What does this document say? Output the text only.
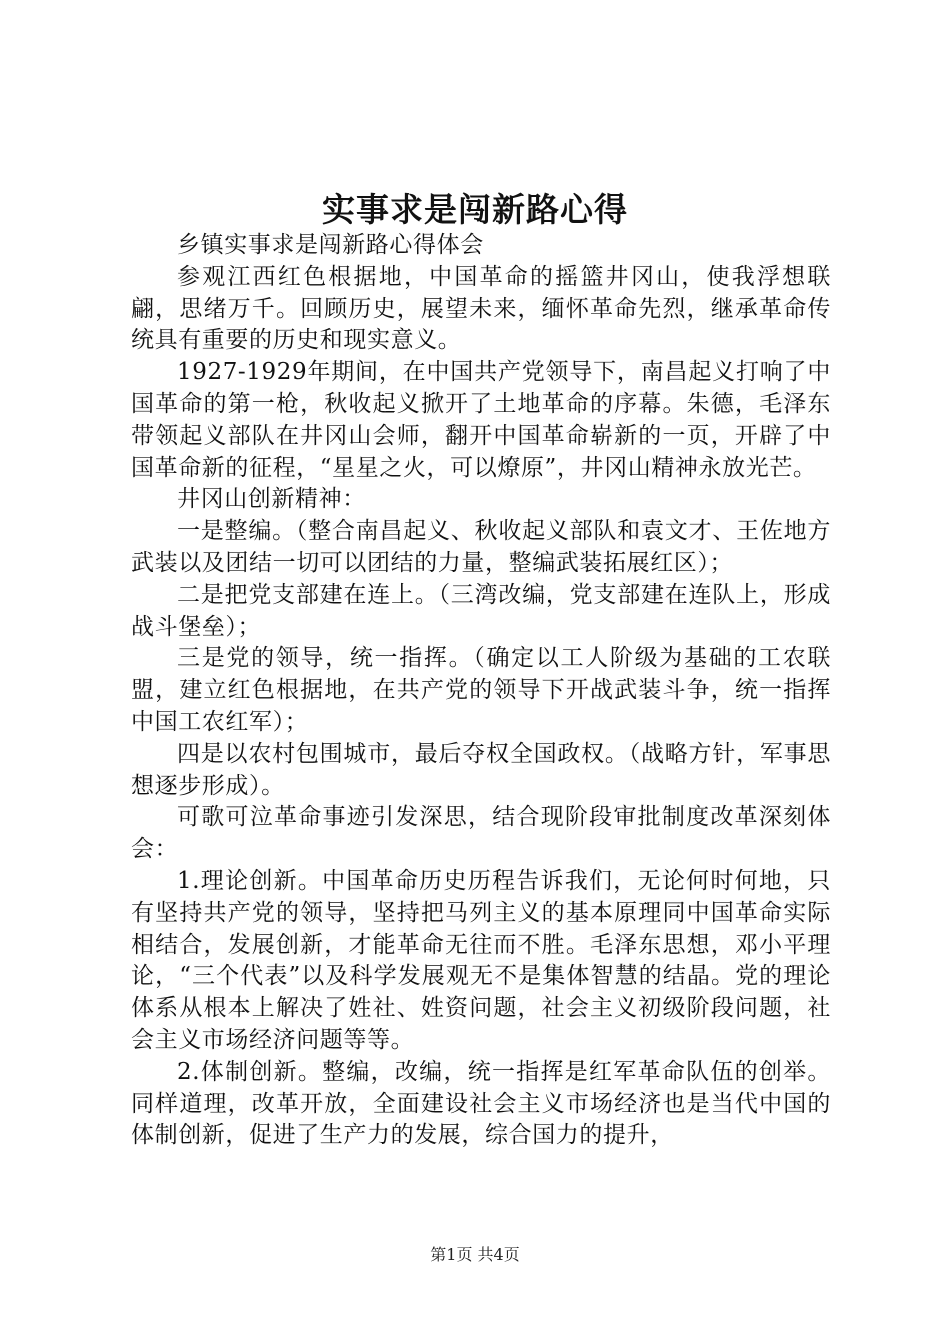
实事求是闯新路心得

乡镇实事求是闯新路心得体会

参观江西红色根据地，中国革命的摇篮井冈山，使我浮想联翩，思绪万千。回顾历史，展望未来，缅怀革命先烈，继承革命传统具有重要的历史和现实意义。

1927-1929年期间，在中国共产党领导下，南昌起义打响了中国革命的第一枪，秋收起义掀开了土地革命的序幕。朱德，毛泽东带领起义部队在井冈山会师，翻开中国革命崭新的一页，开辟了中国革命新的征程，“星星之火，可以燎原”，井冈山精神永放光芒。

井冈山创新精神：

一是整编。（整合南昌起义、秋收起义部队和袁文才、王佐地方武装以及团结一切可以团结的力量，整编武装拓展红区）；

二是把党支部建在连上。（三湾改编，党支部建在连队上，形成战斗堡垒）；

三是党的领导，统一指挥。（确定以工人阶级为基础的工农联盟，建立红色根据地，在共产党的领导下开战武装斗争，统一指挥中国工农红军）；

四是以农村包围城市，最后夺权全国政权。（战略方针，军事思想逐步形成）。

可歌可泣革命事迹引发深思，结合现阶段审批制度改革深刻体会：

1.理论创新。中国革命历史历程告诉我们，无论何时何地，只有坚持共产党的领导，坚持把马列主义的基本原理同中国革命实际相结合，发展创新，才能革命无往而不胜。毛泽东思想，邓小平理论，“三个代表”以及科学发展观无不是集体智慧的结晶。党的理论体系从根本上解决了姓社、姓资问题，社会主义初级阶段问题，社会主义市场经济问题等等。

2.体制创新。整编，改编，统一指挥是红军革命队伍的创举。同样道理，改革开放，全面建设社会主义市场经济也是当代中国的体制创新，促进了生产力的发展，综合国力的提升，

第1页 共4页
